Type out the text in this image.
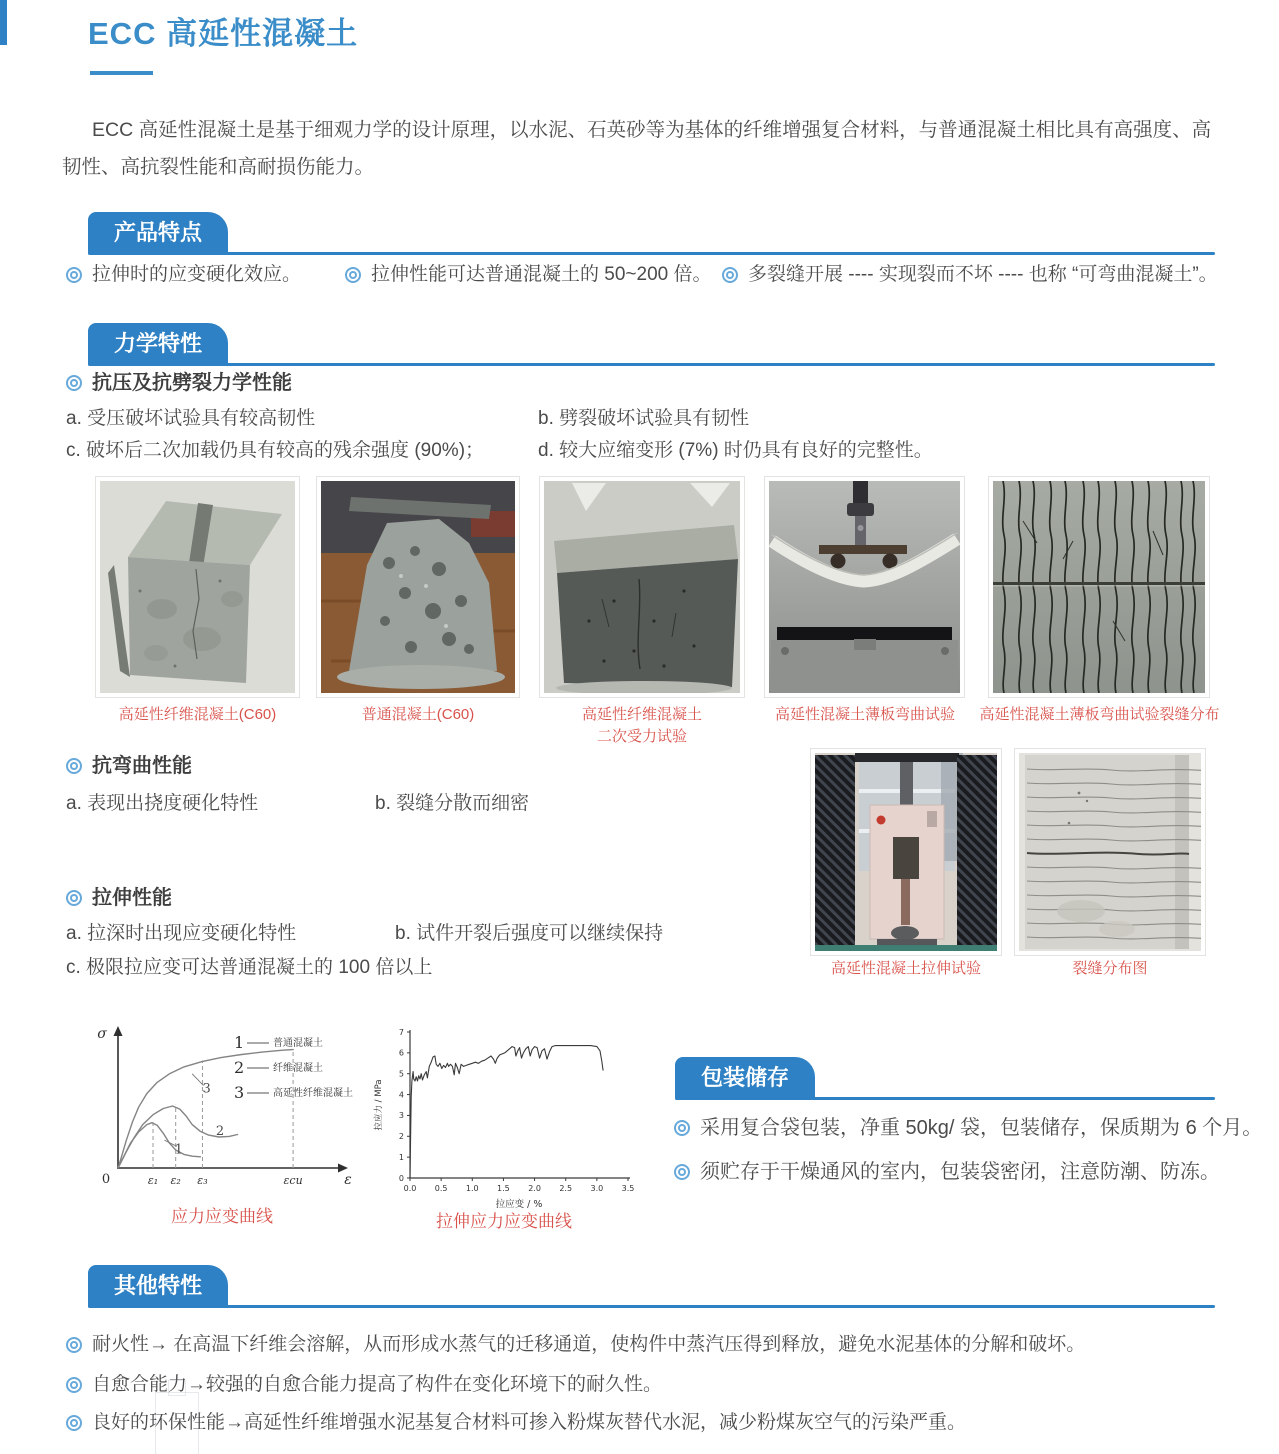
ECC 高延性混凝土

ECC 高延性混凝土是基于细观力学的设计原理，以水泥、石英砂等为基体的纤维增强复合材料，与普通混凝土相比具有高强度、高韧性、高抗裂性能和高耐损伤能力。

产品特点
拉伸时的应变硬化效应。	拉伸性能可达普通混凝土的 50~200 倍。 多裂缝开展 ---- 实现裂而不坏 ---- 也称 “可弯曲混凝土”。
力学特性
抗压及抗劈裂力学性能
a. 受压破坏试验具有较高韧性	b. 劈裂破坏试验具有韧性
c. 破坏后二次加载仍具有较高的残余强度 (90%)；	d. 较大应缩变形 (7%) 时仍具有良好的完整性。
高延性纤维混凝土(C60)	普通混凝土(C60)	高延性纤维混凝土
二次受力试验
高延性混凝土薄板弯曲试验	高延性混凝土薄板弯曲试验裂缝分布
抗弯曲性能
a. 表现出挠度硬化特性	b. 裂缝分散而细密
高延性混凝土拉伸试验	裂缝分布图
拉伸性能
a. 拉深时出现应变硬化特性	b. 试件开裂后强度可以继续保持
c. 极限拉应变可达普通混凝土的 100 倍以上
σ
ε
0	ε₁ ε₂ ε₃	εcu
1
2
3
1	普通混凝土
2	纤维混凝土
3	高延性纤维混凝土
0
1
2
3
4
5
6
7
0.0 0.5 1.0 1.5 2.0 2.5 3.0 3.5
拉应力 / MPa
拉应变 / %
应力应变曲线	拉伸应力应变曲线
包装储存
采用复合袋包装，净重 50kg/ 袋，包装储存，保质期为 6 个月。
须贮存于干燥通风的室内，包装袋密闭，注意防潮、防冻。
其他特性
耐火性→ 在高温下纤维会溶解，从而形成水蒸气的迁移通道，使构件中蒸汽压得到释放，避免水泥基体的分解和破坏。
自愈合能力→较强的自愈合能力提高了构件在变化环境下的耐久性。
良好的环保性能→高延性纤维增强水泥基复合材料可掺入粉煤灰替代水泥，减少粉煤灰空气的污染严重。
